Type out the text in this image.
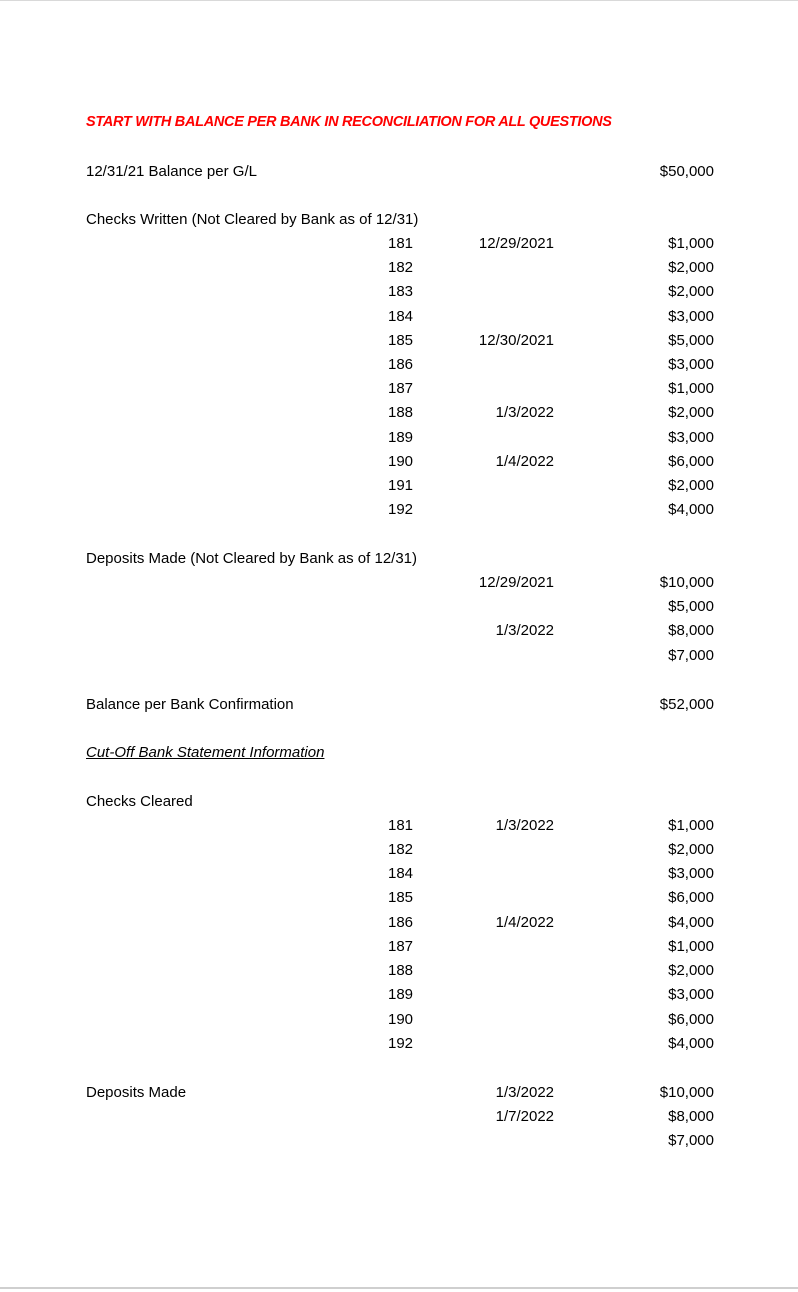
START WITH BALANCE PER BANK IN RECONCILIATION FOR ALL QUESTIONS
12/31/21 Balance per G/L	$50,000
Checks Written (Not Cleared by Bank as of 12/31)
181	12/29/2021	$1,000
182	$2,000
183	$2,000
184	$3,000
185	12/30/2021	$5,000
186	$3,000
187	$1,000
188	1/3/2022	$2,000
189	$3,000
190	1/4/2022	$6,000
191	$2,000
192	$4,000
Deposits Made (Not Cleared by Bank as of 12/31)
12/29/2021	$10,000
$5,000
1/3/2022	$8,000
$7,000
Balance per Bank Confirmation	$52,000
Cut-Off Bank Statement Information
Checks Cleared
181	1/3/2022	$1,000
182	$2,000
184	$3,000
185	$6,000
186	1/4/2022	$4,000
187	$1,000
188	$2,000
189	$3,000
190	$6,000
192	$4,000
Deposits Made	1/3/2022	$10,000
1/7/2022	$8,000
$7,000
